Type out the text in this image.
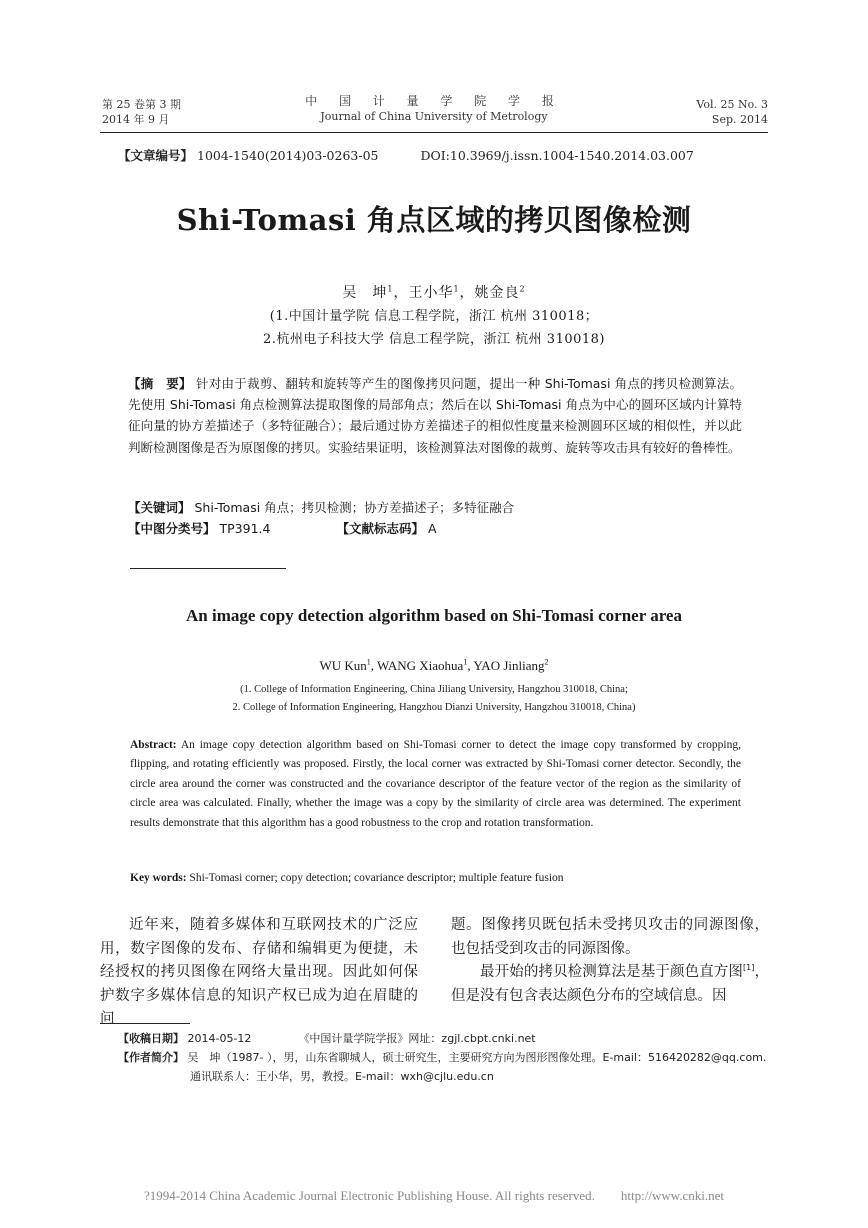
第 25 卷第 3 期
2014 年 9 月
中 国 计 量 学 院 学 报
Journal of China University of Metrology
Vol. 25 No. 3
Sep. 2014
【文章编号】 1004-1540(2014)03-0263-05	DOI:10.3969/j.issn.1004-1540.2014.03.007
Shi-Tomasi 角点区域的拷贝图像检测
吴　坤$^1$，王小华$^1$，姚金良$^2$
(1.中国计量学院 信息工程学院，浙江 杭州 310018；
2.杭州电子科技大学 信息工程学院，浙江 杭州 310018)
【摘　要】 针对由于裁剪、翻转和旋转等产生的图像拷贝问题，提出一种 Shi-Tomasi 角点的拷贝检测算法。先使用 Shi-Tomasi 角点检测算法提取图像的局部角点；然后在以 Shi-Tomasi 角点为中心的圆环区域内计算特征向量的协方差描述子（多特征融合）；最后通过协方差描述子的相似性度量来检测圆环区域的相似性，并以此判断检测图像是否为原图像的拷贝。实验结果证明，该检测算法对图像的裁剪、旋转等攻击具有较好的鲁棒性。
【关键词】 Shi-Tomasi 角点；拷贝检测；协方差描述子；多特征融合
【中图分类号】 TP391.4	【文献标志码】 A
An image copy detection algorithm based on Shi-Tomasi corner area
WU Kun$^1$, WANG Xiaohua$^1$, YAO Jinliang$^2$
(1. College of Information Engineering, China Jiliang University, Hangzhou 310018, China;
2. College of Information Engineering, Hangzhou Dianzi University, Hangzhou 310018, China)
Abstract: An image copy detection algorithm based on Shi-Tomasi corner to detect the image copy transformed by cropping, flipping, and rotating efficiently was proposed. Firstly, the local corner was extracted by Shi-Tomasi corner detector. Secondly, the circle area around the corner was constructed and the covariance descriptor of the feature vector of the region as the similarity of circle area was calculated. Finally, whether the image was a copy by the similarity of circle area was determined. The experiment results demonstrate that this algorithm has a good robustness to the crop and rotation transformation.
Key words: Shi-Tomasi corner; copy detection; covariance descriptor; multiple feature fusion

近年来，随着多媒体和互联网技术的广泛应用，数字图像的发布、存储和编辑更为便捷，未经授权的拷贝图像在网络大量出现。因此如何保护数字多媒体信息的知识产权已成为迫在眉睫的问

题。图像拷贝既包括未受拷贝攻击的同源图像，也包括受到攻击的同源图像。

最开始的拷贝检测算法是基于颜色直方图[1]，但是没有包含表达颜色分布的空域信息。因

【收稿日期】 2014-05-12	《中国计量学院学报》网址：zgjl.cbpt.cnki.net
【作者简介】 吴　坤（1987- ），男，山东省聊城人，硕士研究生，主要研究方向为图形图像处理。E-mail：516420282@qq.com.
通讯联系人：王小华，男，教授。E-mail：wxh@cjlu.edu.cn
?1994-2014 China Academic Journal Electronic Publishing House. All rights reserved.　　http://www.cnki.net
